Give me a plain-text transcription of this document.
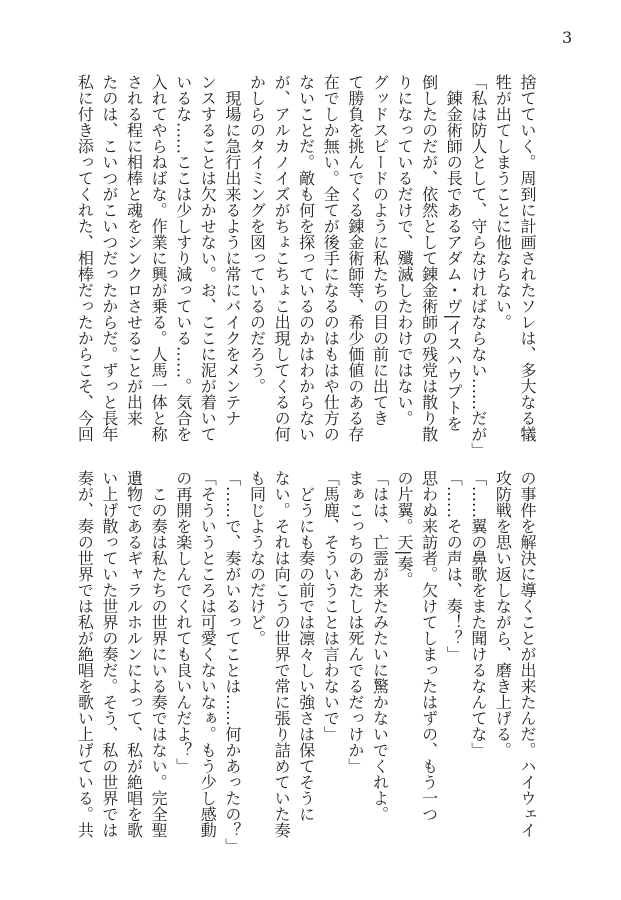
3
捨てていく。周到に計画されたソレは、多大なる犠
牲が出てしまうことに他ならない。
「私は防人として、守らなければならない……だが」
　錬金術師の長であるアダム・ヴ|イスハウプトを
倒したのだが、依然として錬金術師の残党は散り散
りになっているだけで、殲滅したわけではない。
グッドスピードのように私たちの目の前に出てき
て勝負を挑んでくる錬金術師等、希少価値のある存
在でしか無い。全てが後手になるのはもはや仕方の
ないことだ。敵も何を探っているのかはわからない
が、アルカノイズがちょこちょこ出現してくるの何
かしらのタイミングを図っているのだろう。
　現場に急行出来るように常にバイクをメンテナ
ンスすることは欠かせない。お、ここに泥が着いて
いるな……ここは少しすり減っている……。気合を
入れてやらねばな。作業に興が乗る。人馬一体と称
される程に相棒と魂をシンクロさせることが出来
たのは、こいつがこいつだったからだ。ずっと長年
私に付き添ってくれた、相棒だったからこそ、今回
の事件を解決に導くことが出来たんだ。ハイウェイ
攻防戦を思い返しながら、磨き上げる。
「……翼の鼻歌をまた聞けるなんてな」
「……その声は、奏！？」
思わぬ来訪者。欠けてしまったはずの、もう一つ
の片翼。天|奏。
「はは、亡霊が来たみたいに驚かないでくれよ。
まぁこっちのあたしは死んでるだっけか」
「馬鹿、そういうことは言わないで」
　どうにも奏の前では凛々しい強さは保てそうに
ない。それは向こうの世界で常に張り詰めていた奏
も同じようなのだけど。
「……で、奏がいるってことは……何かあったの？」
「そういうところは可愛くないなぁ。もう少し感動
の再開を楽しんでくれても良いんだよ？」
　この奏は私たちの世界にいる奏ではない。完全聖
遺物であるギャラルホルンによって、私が絶唱を歌
い上げ散っていた世界の奏だ。そう、私の世界では
奏が、奏の世界では私が絶唱を歌い上げている。共
